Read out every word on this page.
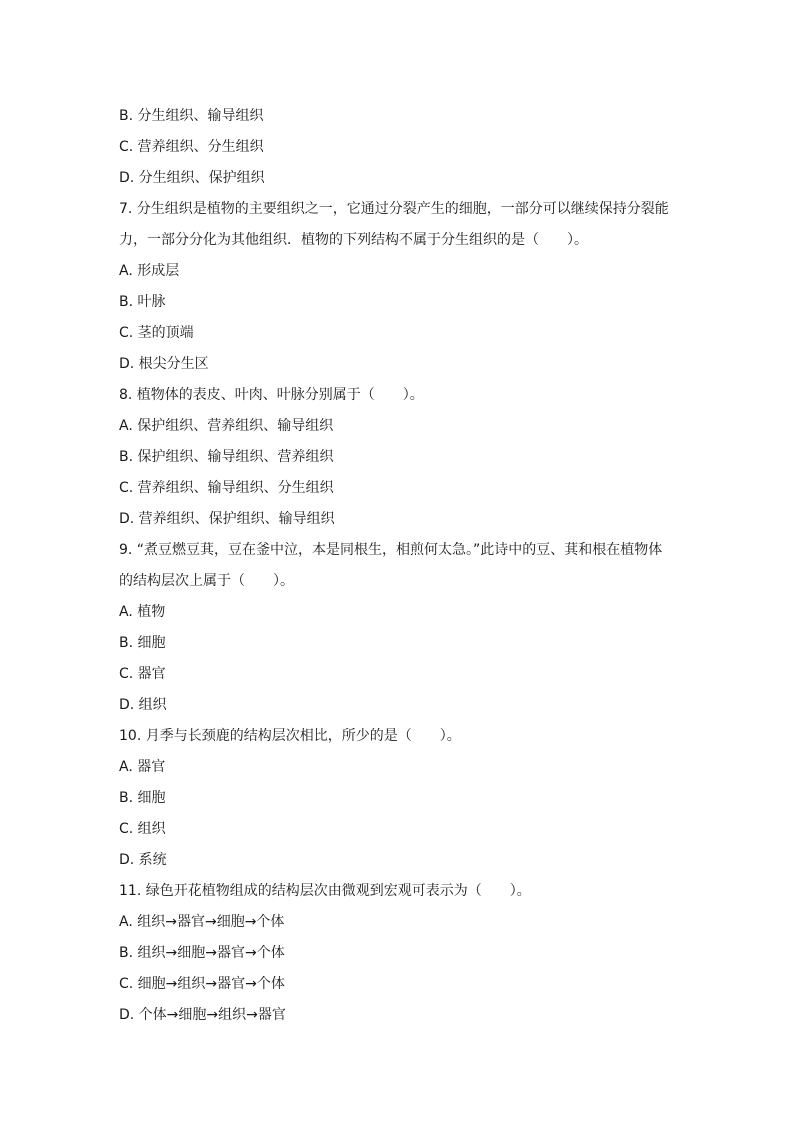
B. 分生组织、输导组织
C. 营养组织、分生组织
D. 分生组织、保护组织
7. 分生组织是植物的主要组织之一，它通过分裂产生的细胞，一部分可以继续保持分裂能
力，一部分分化为其他组织．植物的下列结构不属于分生组织的是（　　）。
A. 形成层
B. 叶脉
C. 茎的顶端
D. 根尖分生区
8. 植物体的表皮、叶肉、叶脉分别属于（　　）。
A. 保护组织、营养组织、输导组织
B. 保护组织、输导组织、营养组织
C. 营养组织、输导组织、分生组织
D. 营养组织、保护组织、输导组织
9. “煮豆燃豆萁，豆在釜中泣，本是同根生，相煎何太急。”此诗中的豆、萁和根在植物体
的结构层次上属于（　　）。
A. 植物
B. 细胞
C. 器官
D. 组织
10. 月季与长颈鹿的结构层次相比，所少的是（　　）。
A. 器官
B. 细胞
C. 组织
D. 系统
11. 绿色开花植物组成的结构层次由微观到宏观可表示为（　　）。
A. 组织→器官→细胞→个体
B. 组织→细胞→器官→个体
C. 细胞→组织→器官→个体
D. 个体→细胞→组织→器官
